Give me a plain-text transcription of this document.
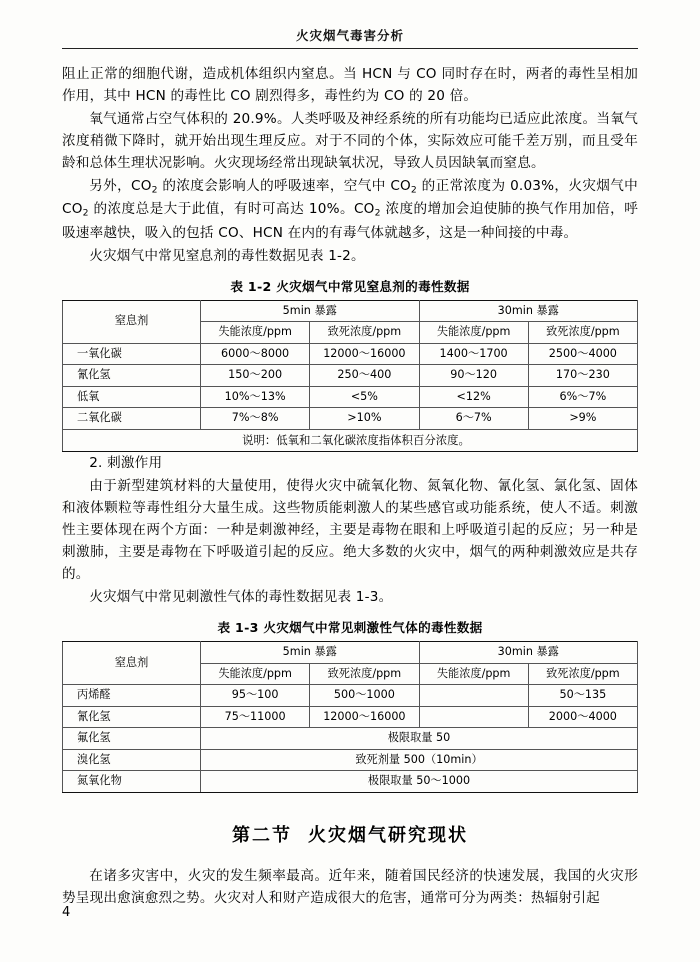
火灾烟气毒害分析

阻止正常的细胞代谢，造成机体组织内窒息。当 HCN 与 CO 同时存在时，两者的毒性呈相加作用，其中 HCN 的毒性比 CO 剧烈得多，毒性约为 CO 的 20 倍。

氧气通常占空气体积的 20.9%。人类呼吸及神经系统的所有功能均已适应此浓度。当氧气浓度稍微下降时，就开始出现生理反应。对于不同的个体，实际效应可能千差万别，而且受年龄和总体生理状况影响。火灾现场经常出现缺氧状况，导致人员因缺氧而窒息。

另外，$CO_2$ 的浓度会影响人的呼吸速率，空气中 $CO_2$ 的正常浓度为 0.03%，火灾烟气中 $CO_2$ 的浓度总是大于此值，有时可高达 10%。$CO_2$ 浓度的增加会迫使肺的换气作用加倍，呼吸速率越快，吸入的包括 CO、HCN 在内的有毒气体就越多，这是一种间接的中毒。

火灾烟气中常见窒息剂的毒性数据见表 1-2。

表 1-2 火灾烟气中常见窒息剂的毒性数据
窒息剂	5min 暴露		30min 暴露	
	失能浓度/ppm	致死浓度/ppm	失能浓度/ppm	致死浓度/ppm
一氧化碳	6000～8000	12000～16000	1400～1700	2500～4000
氰化氢	150～200	250～400	90～120	170～230
低氧	10%～13%	<5%	<12%	6%～7%
二氧化碳	7%～8%	>10%	6～7%	>9%
说明：低氧和二氧化碳浓度指体积百分浓度。				

2. 刺激作用

由于新型建筑材料的大量使用，使得火灾中硫氧化物、氮氧化物、氰化氢、氯化氢、固体和液体颗粒等毒性组分大量生成。这些物质能刺激人的某些感官或功能系统，使人不适。刺激性主要体现在两个方面：一种是刺激神经，主要是毒物在眼和上呼吸道引起的反应；另一种是刺激肺，主要是毒物在下呼吸道引起的反应。绝大多数的火灾中，烟气的两种刺激效应是共存的。

火灾烟气中常见刺激性气体的毒性数据见表 1-3。

表 1-3 火灾烟气中常见刺激性气体的毒性数据
窒息剂	5min 暴露		30min 暴露	
	失能浓度/ppm	致死浓度/ppm	失能浓度/ppm	致死浓度/ppm
丙烯醛	95～100	500～1000		50～135
氰化氢	75～11000	12000～16000		2000～4000
氟化氢	极限取量 50			
溴化氢	致死剂量 500（10min）			
氮氧化物	极限取量 50～1000			
第二节 火灾烟气研究现状

在诸多灾害中，火灾的发生频率最高。近年来，随着国民经济的快速发展，我国的火灾形势呈现出愈演愈烈之势。火灾对人和财产造成很大的危害，通常可分为两类：热辐射引起

4
